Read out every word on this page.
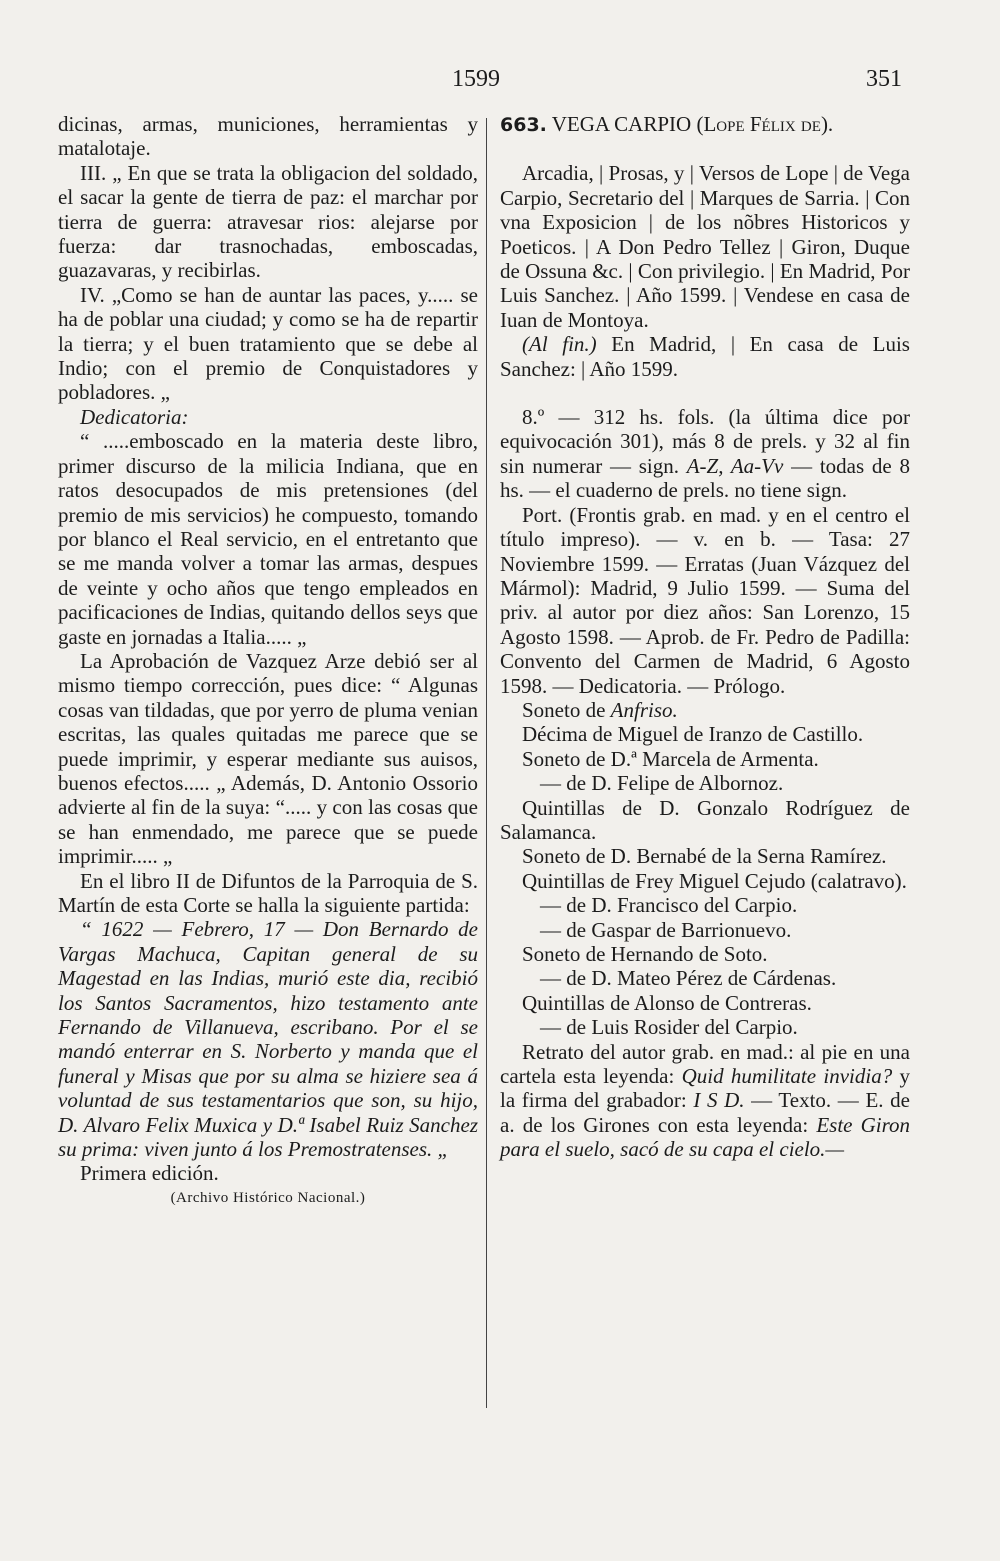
1599	351

dicinas, armas, municiones, herramientas y matalotaje.

III. „ En que se trata la obligacion del soldado, el sacar la gente de tierra de paz: el marchar por tierra de guerra: atravesar rios: alejarse por fuerza: dar trasnochadas, emboscadas, guazavaras, y recibirlas.

IV. „Como se han de auntar las paces, y..... se ha de poblar una ciudad; y como se ha de repartir la tierra; y el buen tratamiento que se debe al Indio; con el premio de Conquistadores y pobladores. „

Dedicatoria:

“ .....emboscado en la materia deste libro, primer discurso de la milicia Indiana, que en ratos desocupados de mis pretensiones (del premio de mis servicios) he compuesto, tomando por blanco el Real servicio, en el entretanto que se me manda volver a tomar las armas, despues de veinte y ocho años que tengo empleados en pacificaciones de Indias, quitando dellos seys que gaste en jornadas a Italia..... „

La Aprobación de Vazquez Arze debió ser al mismo tiempo corrección, pues dice: “ Algunas cosas van tildadas, que por yerro de pluma venian escritas, las quales quitadas me parece que se puede imprimir, y esperar mediante sus auisos, buenos efectos..... „ Además, D. Antonio Ossorio advierte al fin de la suya: “..... y con las cosas que se han enmendado, me parece que se puede imprimir..... „

En el libro II de Difuntos de la Parroquia de S. Martín de esta Corte se halla la siguiente partida:

“ 1622 — Febrero, 17 — Don Bernardo de Vargas Machuca, Capitan general de su Magestad en las Indias, murió este dia, recibió los Santos Sacramentos, hizo testamento ante Fernando de Villanueva, escribano. Por el se mandó enterrar en S. Norberto y manda que el funeral y Misas que por su alma se hiziere sea á voluntad de sus testamentarios que son, su hijo, D. Alvaro Felix Muxica y D.ª Isabel Ruiz Sanchez su prima: viven junto á los Premostratenses. „

Primera edición.

(Archivo Histórico Nacional.)

663. VEGA CARPIO (Lope Félix de).

Arcadia, | Prosas, y | Versos de Lope | de Vega Carpio, Secretario del | Marques de Sarria. | Con vna Exposicion | de los nõbres Historicos y Poeticos. | A Don Pedro Tellez | Giron, Duque de Ossuna &c. | Con privilegio. | En Madrid, Por Luis Sanchez. | Año 1599. | Vendese en casa de Iuan de Montoya.

(Al fin.) En Madrid, | En casa de Luis Sanchez: | Año 1599.

8.º — 312 hs. fols. (la última dice por equivocación 301), más 8 de prels. y 32 al fin sin numerar — sign. A-Z, Aa-Vv — todas de 8 hs. — el cuaderno de prels. no tiene sign.

Port. (Frontis grab. en mad. y en el centro el título impreso). — v. en b. — Tasa: 27 Noviembre 1599. — Erratas (Juan Vázquez del Mármol): Madrid, 9 Julio 1599. — Suma del priv. al autor por diez años: San Lorenzo, 15 Agosto 1598. — Aprob. de Fr. Pedro de Padilla: Convento del Carmen de Madrid, 6 Agosto 1598. — Dedicatoria. — Prólogo.

Soneto de Anfriso.

Décima de Miguel de Iranzo de Castillo.

Soneto de D.ª Marcela de Armenta.

— de D. Felipe de Albornoz.

Quintillas de D. Gonzalo Rodríguez de Salamanca.

Soneto de D. Bernabé de la Serna Ramírez.

Quintillas de Frey Miguel Cejudo (calatravo).

— de D. Francisco del Carpio.

— de Gaspar de Barrionuevo.

Soneto de Hernando de Soto.

— de D. Mateo Pérez de Cárdenas.

Quintillas de Alonso de Contreras.

— de Luis Rosider del Carpio.

Retrato del autor grab. en mad.: al pie en una cartela esta leyenda: Quid humilitate invidia? y la firma del grabador: I S D. — Texto. — E. de a. de los Girones con esta leyenda: Este Giron para el suelo, sacó de su capa el cielo.—
